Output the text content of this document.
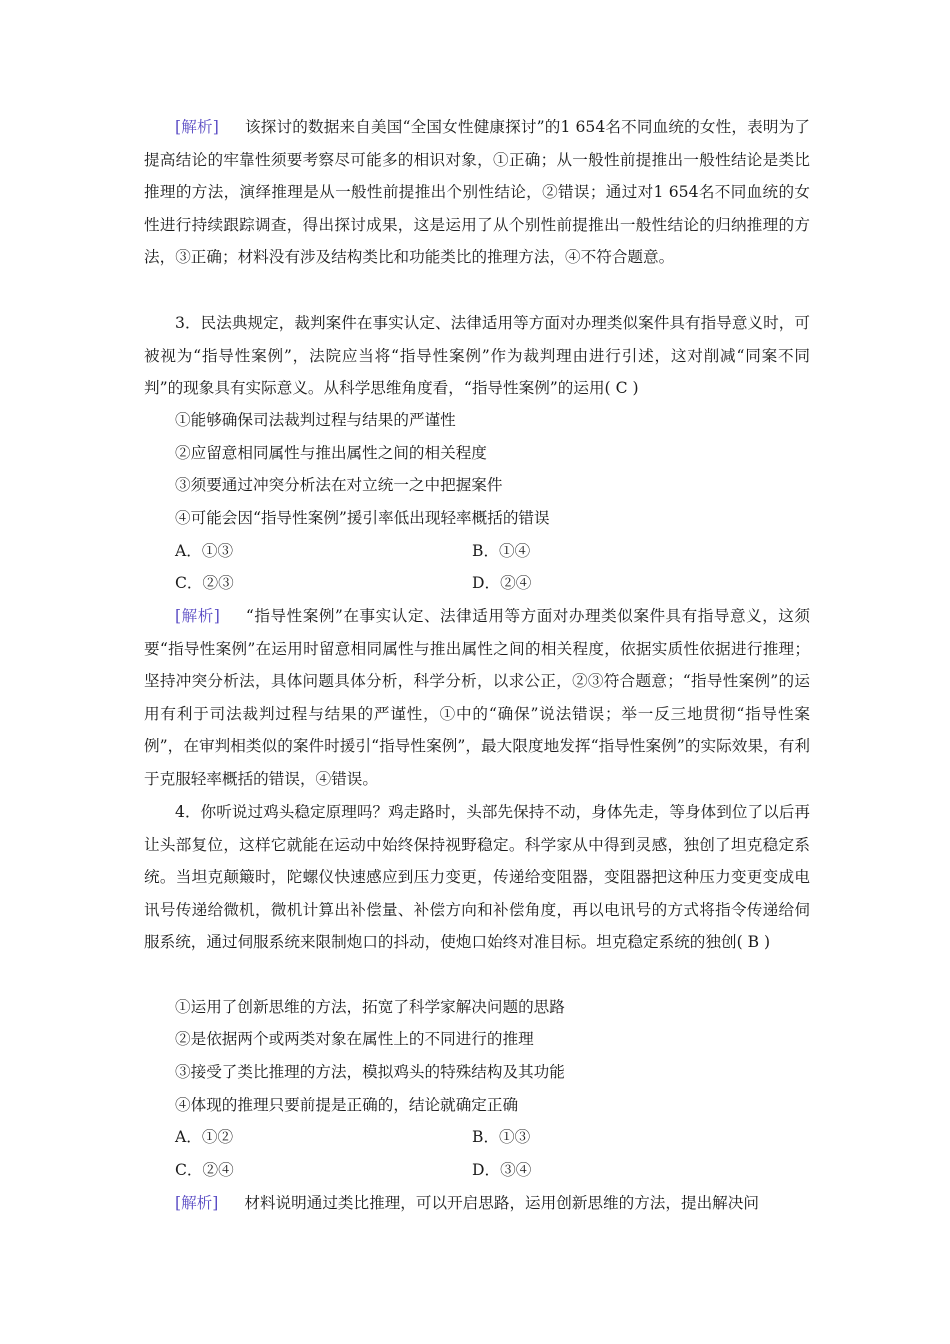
[解析] 该探讨的数据来自美国“全国女性健康探讨”的1 654名不同血统的女性，表明为了提高结论的牢靠性须要考察尽可能多的相识对象，①正确；从一般性前提推出一般性结论是类比推理的方法，演绎推理是从一般性前提推出个别性结论，②错误；通过对1 654名不同血统的女性进行持续跟踪调查，得出探讨成果，这是运用了从个别性前提推出一般性结论的归纳推理的方法，③正确；材料没有涉及结构类比和功能类比的推理方法，④不符合题意。

3．民法典规定，裁判案件在事实认定、法律适用等方面对办理类似案件具有指导意义时，可被视为“指导性案例”，法院应当将“指导性案例”作为裁判理由进行引述，这对削减“同案不同判”的现象具有实际意义。从科学思维角度看，“指导性案例”的运用( C )

①能够确保司法裁判过程与结果的严谨性
②应留意相同属性与推出属性之间的相关程度
③须要通过冲突分析法在对立统一之中把握案件
④可能会因“指导性案例”援引率低出现轻率概括的错误
A．①③	B．①④
C．②③	D．②④

[解析] “指导性案例”在事实认定、法律适用等方面对办理类似案件具有指导意义，这须要“指导性案例”在运用时留意相同属性与推出属性之间的相关程度，依据实质性依据进行推理；坚持冲突分析法，具体问题具体分析，科学分析，以求公正，②③符合题意；“指导性案例”的运用有利于司法裁判过程与结果的严谨性，①中的“确保”说法错误；举一反三地贯彻“指导性案例”，在审判相类似的案件时援引“指导性案例”，最大限度地发挥“指导性案例”的实际效果，有利于克服轻率概括的错误，④错误。

4．你听说过鸡头稳定原理吗？鸡走路时，头部先保持不动，身体先走，等身体到位了以后再让头部复位，这样它就能在运动中始终保持视野稳定。科学家从中得到灵感，独创了坦克稳定系统。当坦克颠簸时，陀螺仪快速感应到压力变更，传递给变阻器，变阻器把这种压力变更变成电讯号传递给微机，微机计算出补偿量、补偿方向和补偿角度，再以电讯号的方式将指令传递给伺服系统，通过伺服系统来限制炮口的抖动，使炮口始终对准目标。坦克稳定系统的独创( B )

①运用了创新思维的方法，拓宽了科学家解决问题的思路
②是依据两个或两类对象在属性上的不同进行的推理
③接受了类比推理的方法，模拟鸡头的特殊结构及其功能
④体现的推理只要前提是正确的，结论就确定正确
A．①②	B．①③
C．②④	D．③④

[解析] 材料说明通过类比推理，可以开启思路，运用创新思维的方法，提出解决问
